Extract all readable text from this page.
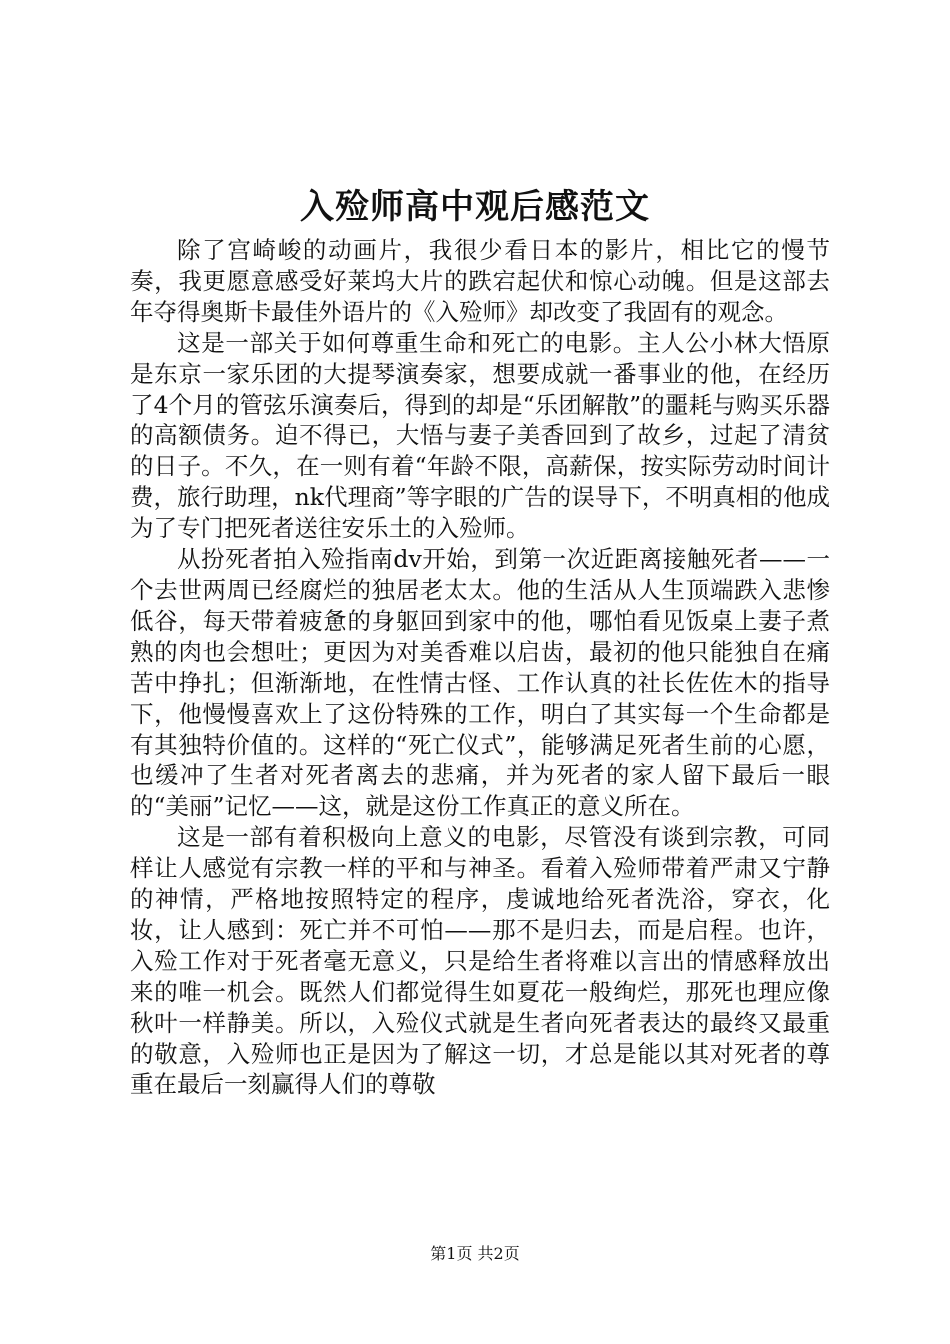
入殓师高中观后感范文

除了宫崎峻的动画片，我很少看日本的影片，相比它的慢节奏，我更愿意感受好莱坞大片的跌宕起伏和惊心动魄。但是这部去年夺得奥斯卡最佳外语片的《入殓师》却改变了我固有的观念。

这是一部关于如何尊重生命和死亡的电影。主人公小林大悟原是东京一家乐团的大提琴演奏家，想要成就一番事业的他，在经历了4个月的管弦乐演奏后，得到的却是“乐团解散”的噩耗与购买乐器的高额债务。迫不得已，大悟与妻子美香回到了故乡，过起了清贫的日子。不久，在一则有着“年龄不限，高薪保，按实际劳动时间计费，旅行助理，nk代理商”等字眼的广告的误导下，不明真相的他成为了专门把死者送往安乐土的入殓师。

从扮死者拍入殓指南dv开始，到第一次近距离接触死者——一个去世两周已经腐烂的独居老太太。他的生活从人生顶端跌入悲惨低谷，每天带着疲惫的身躯回到家中的他，哪怕看见饭桌上妻子煮熟的肉也会想吐；更因为对美香难以启齿，最初的他只能独自在痛苦中挣扎；但渐渐地，在性情古怪、工作认真的社长佐佐木的指导下，他慢慢喜欢上了这份特殊的工作，明白了其实每一个生命都是有其独特价值的。这样的“死亡仪式”，能够满足死者生前的心愿，也缓冲了生者对死者离去的悲痛，并为死者的家人留下最后一眼的“美丽”记忆——这，就是这份工作真正的意义所在。

这是一部有着积极向上意义的电影，尽管没有谈到宗教，可同样让人感觉有宗教一样的平和与神圣。看着入殓师带着严肃又宁静的神情，严格地按照特定的程序，虔诚地给死者洗浴，穿衣，化妆，让人感到：死亡并不可怕——那不是归去，而是启程。也许，入殓工作对于死者毫无意义，只是给生者将难以言出的情感释放出来的唯一机会。既然人们都觉得生如夏花一般绚烂，那死也理应像秋叶一样静美。所以，入殓仪式就是生者向死者表达的最终又最重的敬意，入殓师也正是因为了解这一切，才总是能以其对死者的尊重在最后一刻赢得人们的尊敬

第1页 共2页
